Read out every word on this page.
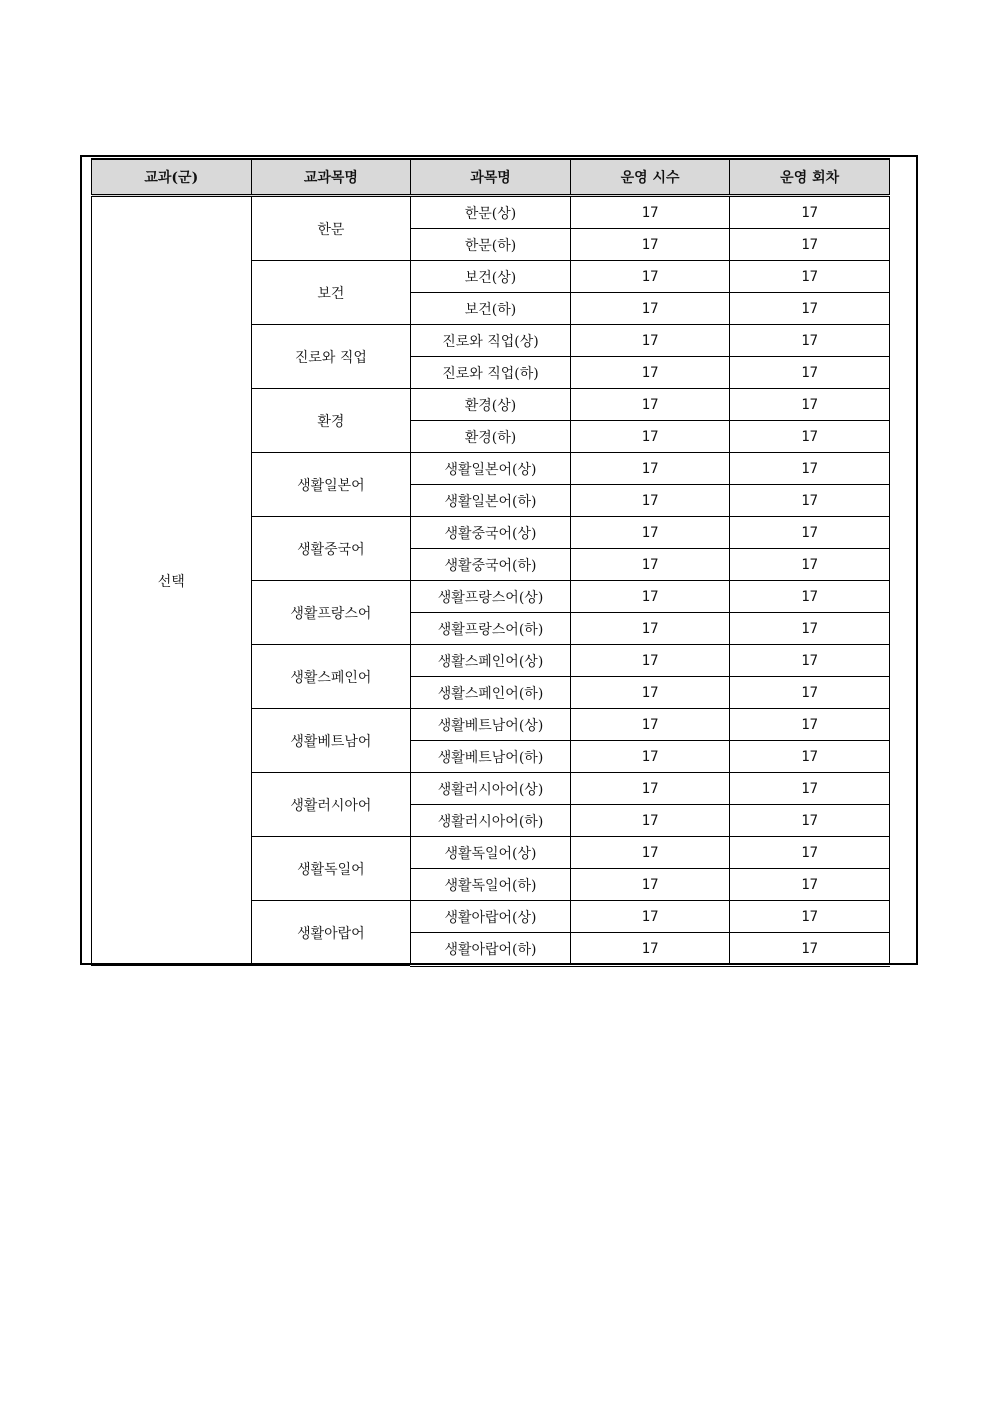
교과(군)	교과목명	과목명	운영 시수	운영 회차
선택	한문	한문(상)	17	17
		한문(하)	17	17
	보건	보건(상)	17	17
		보건(하)	17	17
	진로와 직업	진로와 직업(상)	17	17
		진로와 직업(하)	17	17
	환경	환경(상)	17	17
		환경(하)	17	17
	생활일본어	생활일본어(상)	17	17
		생활일본어(하)	17	17
	생활중국어	생활중국어(상)	17	17
		생활중국어(하)	17	17
	생활프랑스어	생활프랑스어(상)	17	17
		생활프랑스어(하)	17	17
	생활스페인어	생활스페인어(상)	17	17
		생활스페인어(하)	17	17
	생활베트남어	생활베트남어(상)	17	17
		생활베트남어(하)	17	17
	생활러시아어	생활러시아어(상)	17	17
		생활러시아어(하)	17	17
	생활독일어	생활독일어(상)	17	17
		생활독일어(하)	17	17
	생활아랍어	생활아랍어(상)	17	17
		생활아랍어(하)	17	17
